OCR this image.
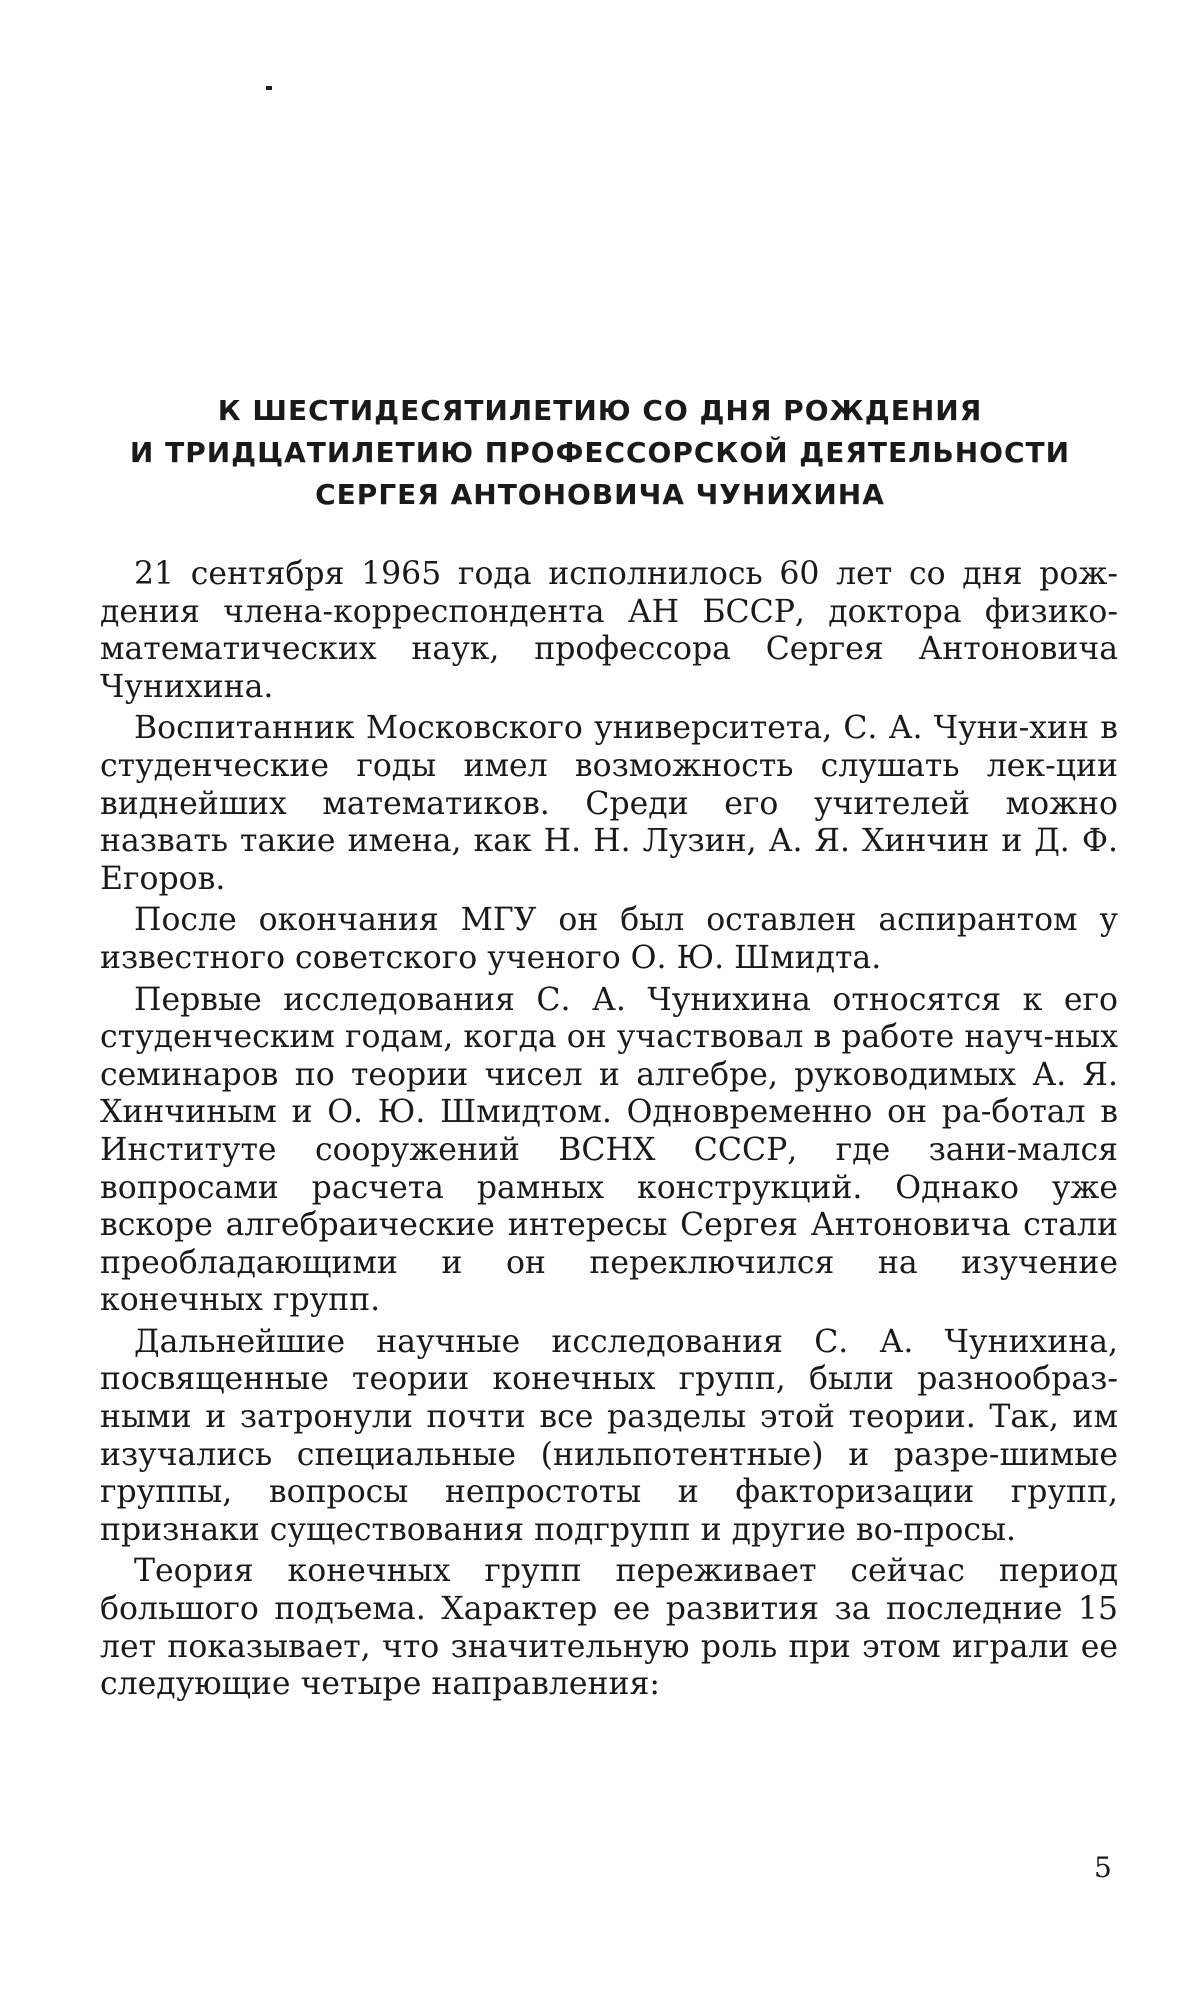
К ШЕСТИДЕСЯТИЛЕТИЮ СО ДНЯ РОЖДЕНИЯ
И ТРИДЦАТИЛЕТИЮ ПРОФЕССОРСКОЙ ДЕЯТЕЛЬНОСТИ
СЕРГЕЯ АНТОНОВИЧА ЧУНИХИНА

21 сентября 1965 года исполнилось 60 лет со дня рож-дения члена-корреспондента АН БССР, доктора физико-математических наук, профессора Сергея Антоновича Чунихина.

Воспитанник Московского университета, С. А. Чуни-хин в студенческие годы имел возможность слушать лек-ции виднейших математиков. Среди его учителей можно назвать такие имена, как Н. Н. Лузин, А. Я. Хинчин и Д. Ф. Егоров.

После окончания МГУ он был оставлен аспирантом у известного советского ученого О. Ю. Шмидта.

Первые исследования С. А. Чунихина относятся к его студенческим годам, когда он участвовал в работе науч-ных семинаров по теории чисел и алгебре, руководимых А. Я. Хинчиным и О. Ю. Шмидтом. Одновременно он ра-ботал в Институте сооружений ВСНХ СССР, где зани-мался вопросами расчета рамных конструкций. Однако уже вскоре алгебраические интересы Сергея Антоновича стали преобладающими и он переключился на изучение конечных групп.

Дальнейшие научные исследования С. А. Чунихина, посвященные теории конечных групп, были разнообраз-ными и затронули почти все разделы этой теории. Так, им изучались специальные (нильпотентные) и разре-шимые группы, вопросы непростоты и факторизации групп, признаки существования подгрупп и другие во-просы.

Теория конечных групп переживает сейчас период большого подъема. Характер ее развития за последние 15 лет показывает, что значительную роль при этом играли ее следующие четыре направления:

5
